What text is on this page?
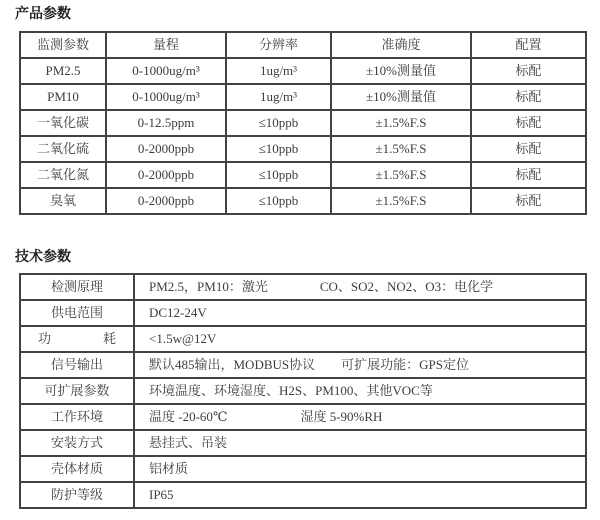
产品参数
监测参数	量程	分辨率	准确度	配置
PM2.5	0-1000ug/m³	1ug/m³	±10%测量值	标配
PM10	0-1000ug/m³	1ug/m³	±10%测量值	标配
一氧化碳	0-12.5ppm	≤10ppb	±1.5%F.S	标配
二氧化硫	0-2000ppb	≤10ppb	±1.5%F.S	标配
二氧化氮	0-2000ppb	≤10ppb	±1.5%F.S	标配
臭氧	0-2000ppb	≤10ppb	±1.5%F.S	标配
技术参数
检测原理	PM2.5，PM10：激光 CO、SO2、NO2、O3：电化学
供电范围	DC12-24V
功　　　　耗	<1.5w@12V
信号输出	默认485输出，MODBUS协议　　可扩展功能：GPS定位
可扩展参数	环境温度、环境湿度、H2S、PM100、其他VOC等
工作环境	温度 -20-60℃ 湿度 5-90%RH
安装方式	悬挂式、吊装
壳体材质	铝材质
防护等级	IP65
